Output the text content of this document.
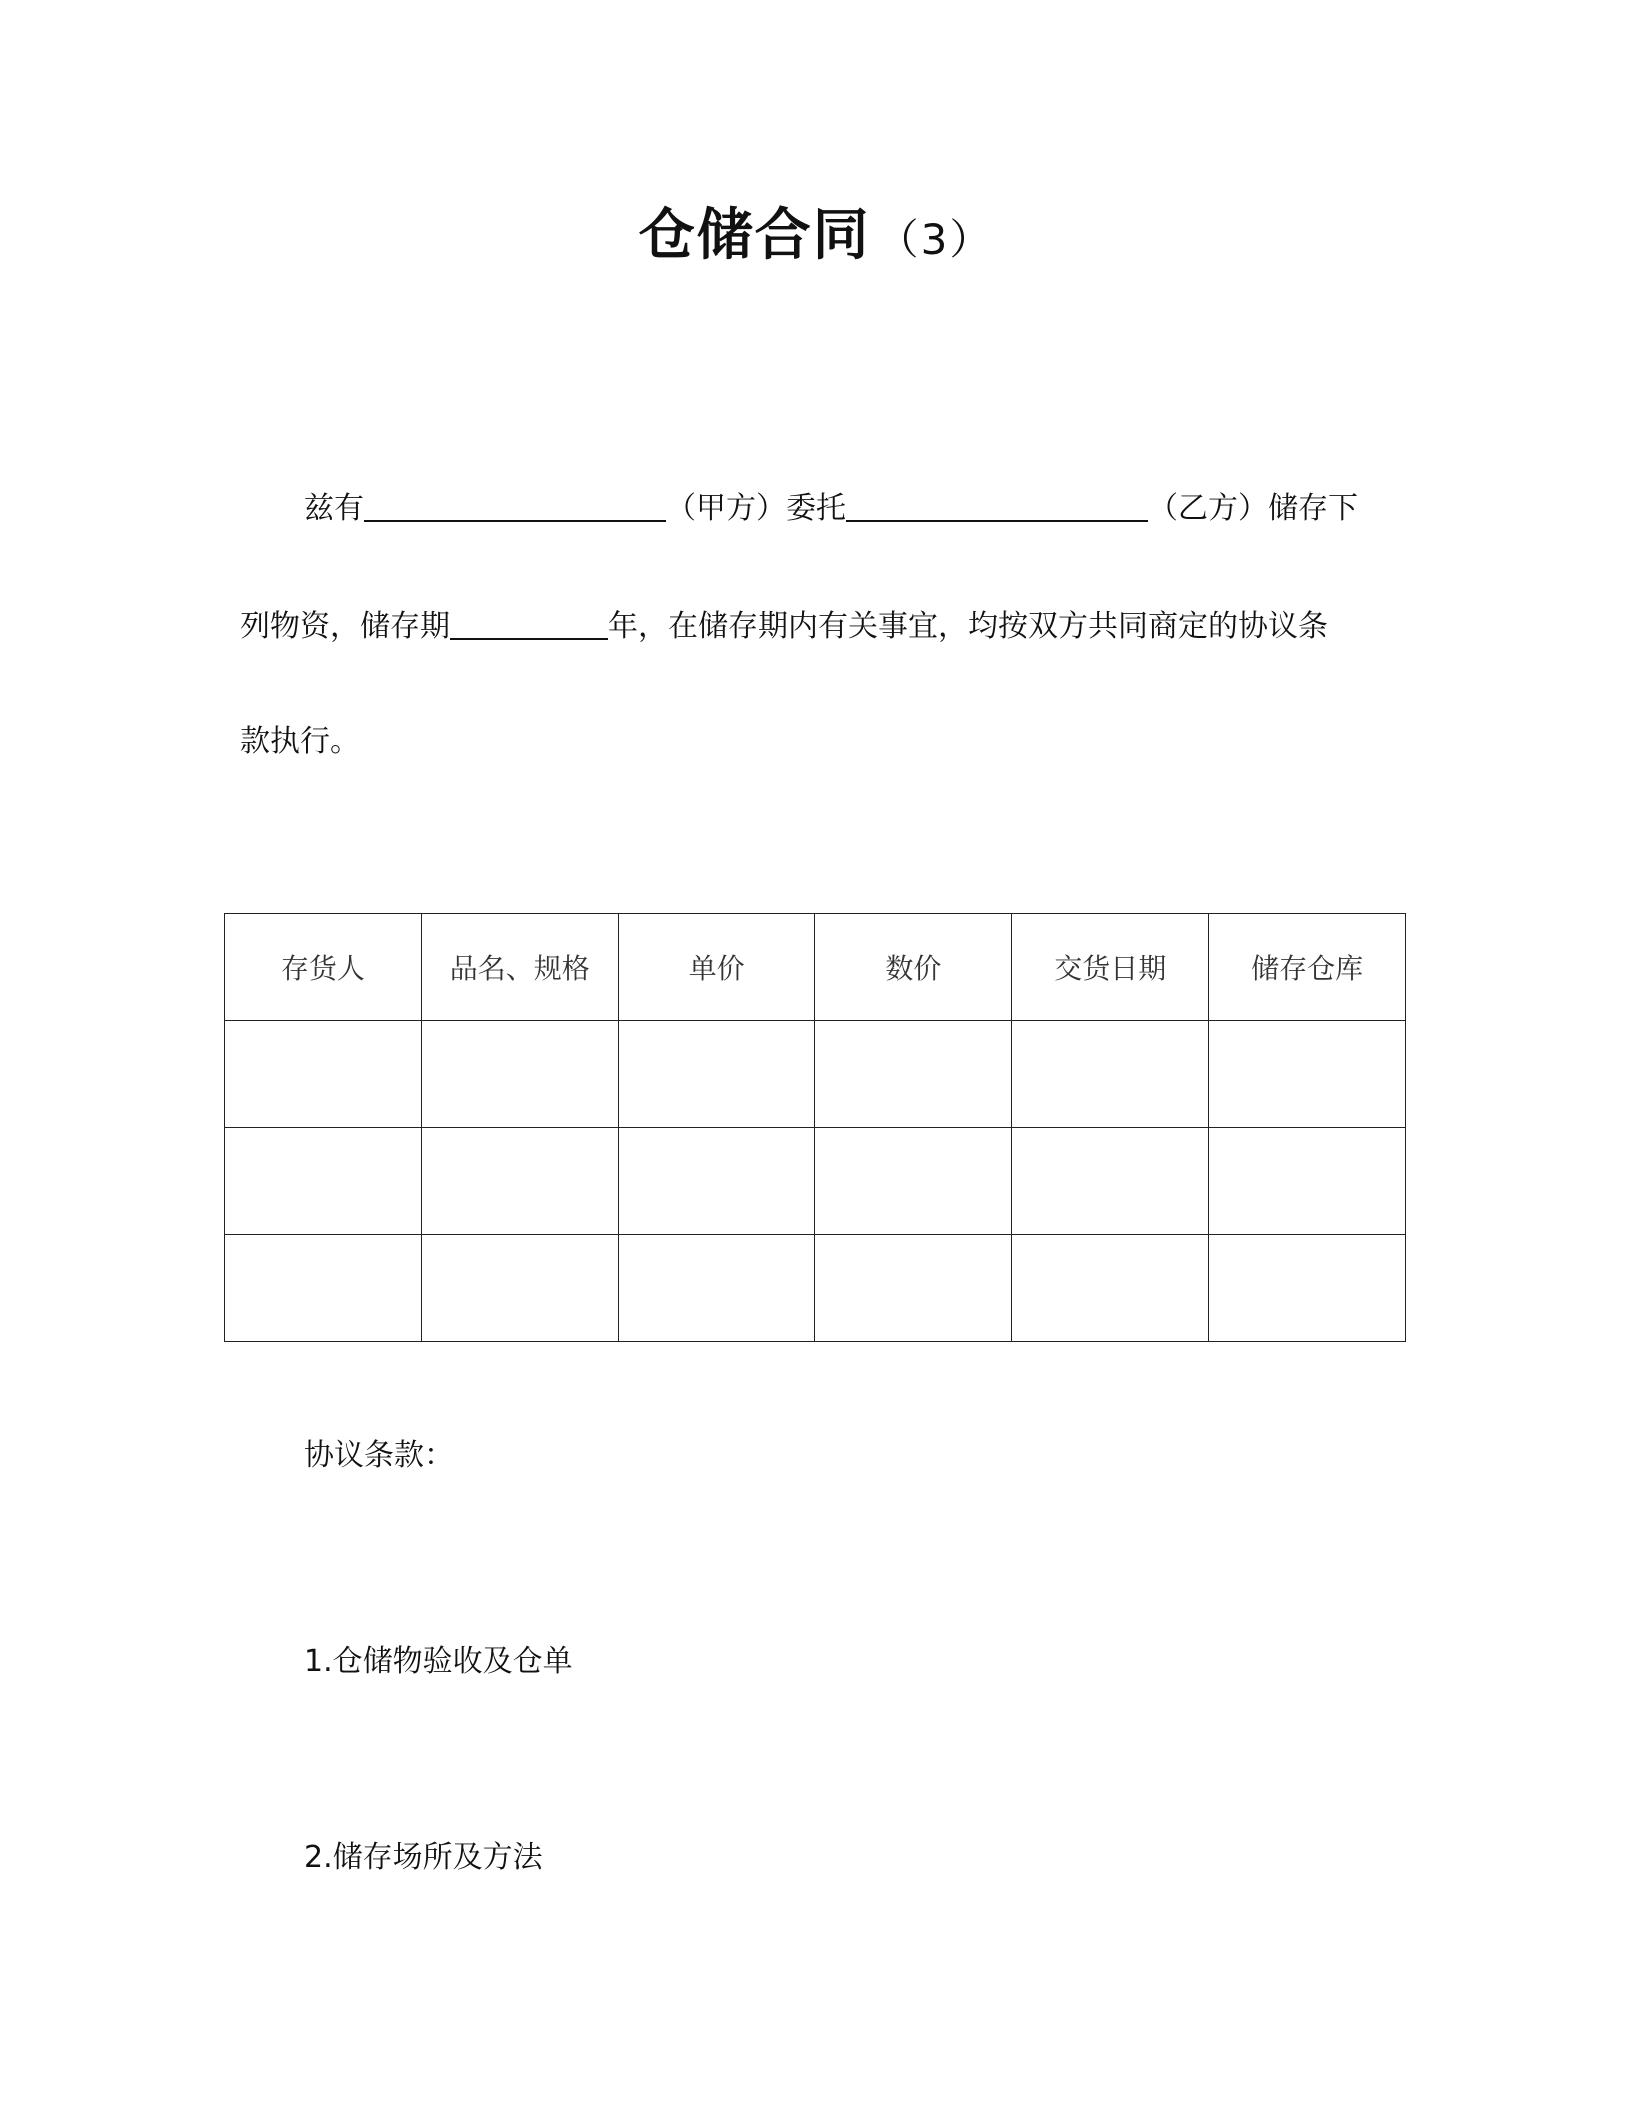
仓储合同 （3）
兹有	（甲方）委托	（乙方）储存下
列物资，储存期	年，在储存期内有关事宜，均按双方共同商定的协议条
款执行。
存货人	品名、规格	单价	数价	交货日期	储存仓库

协议条款：
1.仓储物验收及仓单
2.储存场所及方法
